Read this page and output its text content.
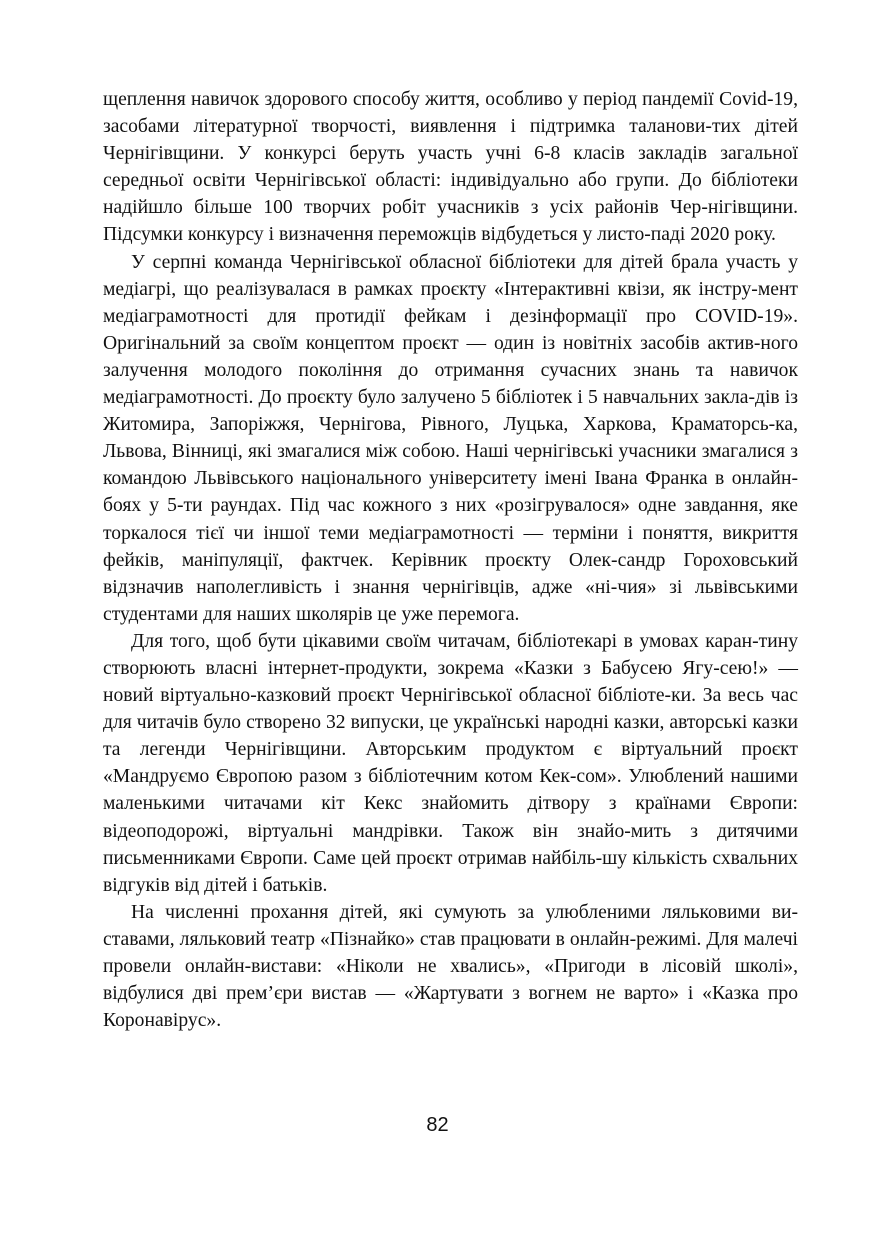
щеплення навичок здорового способу життя, особливо у період пандемії Covid-19, засобами літературної творчості, виявлення і підтримка таланови-тих дітей Чернігівщини. У конкурсі беруть участь учні 6-8 класів закладів загальної середньої освіти Чернігівської області: індивідуально або групи. До бібліотеки надійшло більше 100 творчих робіт учасників з усіх районів Чер-нігівщини. Підсумки конкурсу і визначення переможців відбудеться у листо-паді 2020 року.

У серпні команда Чернігівської обласної бібліотеки для дітей брала участь у медіагрі, що реалізувалася в рамках проєкту «Інтерактивні квізи, як інстру-мент медіаграмотності для протидії фейкам і дезінформації про COVID-19». Оригінальний за своїм концептом проєкт — один із новітніх засобів актив-ного залучення молодого покоління до отримання сучасних знань та навичок медіаграмотності. До проєкту було залучено 5 бібліотек і 5 навчальних закла-дів із Житомира, Запоріжжя, Чернігова, Рівного, Луцька, Харкова, Краматорсь-ка, Львова, Вінниці, які змагалися між собою. Наші чернігівські учасники змагалися з командою Львівського національного університету імені Івана Франка в онлайн-боях у 5-ти раундах. Під час кожного з них «розігрувалося» одне завдання, яке торкалося тієї чи іншої теми медіаграмотності — терміни і поняття, викриття фейків, маніпуляції, фактчек. Керівник проєкту Олек-сандр Гороховський відзначив наполегливість і знання чернігівців, адже «ні-чия» зі львівськими студентами для наших школярів це уже перемога.

Для того, щоб бути цікавими своїм читачам, бібліотекарі в умовах каран-тину створюють власні інтернет-продукти, зокрема «Казки з Бабусею Ягу-сею!» — новий віртуально-казковий проєкт Чернігівської обласної бібліоте-ки. За весь час для читачів було створено 32 випуски, це українські народні казки, авторські казки та легенди Чернігівщини. Авторським продуктом є віртуальний проєкт «Мандруємо Європою разом з бібліотечним котом Кек-сом». Улюблений нашими маленькими читачами кіт Кекс знайомить дітвору з країнами Європи: відеоподорожі, віртуальні мандрівки. Також він знайо-мить з дитячими письменниками Європи. Саме цей проєкт отримав найбіль-шу кількість схвальних відгуків від дітей і батьків.

На численні прохання дітей, які сумують за улюбленими ляльковими ви-ставами, ляльковий театр «Пізнайко» став працювати в онлайн-режимі. Для малечі провели онлайн-вистави: «Ніколи не хвались», «Пригоди в лісовій школі», відбулися дві прем’єри вистав — «Жартувати з вогнем не варто» і «Казка про Коронавірус».

82
